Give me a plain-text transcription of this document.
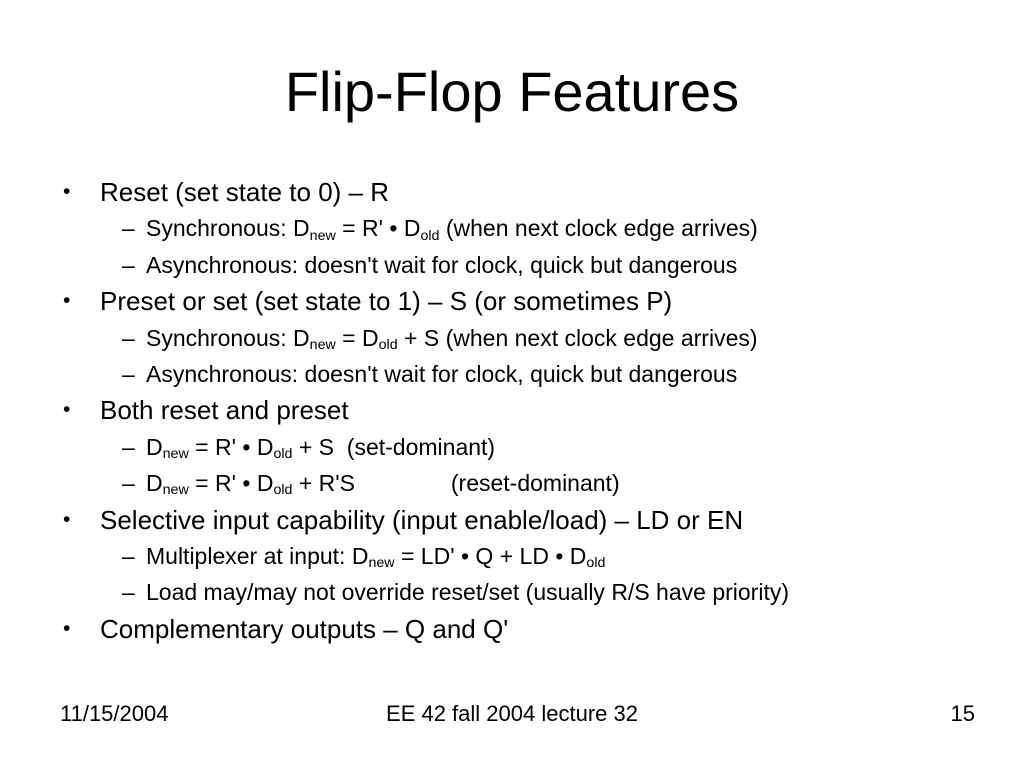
Flip-Flop Features
• Reset (set state to 0) – R
– Synchronous: $D_{new} = R'$ • $D_{old}$ (when next clock edge arrives)
– Asynchronous: doesn't wait for clock, quick but dangerous
• Preset or set (set state to 1) – S (or sometimes P)
– Synchronous: $D_{new} = D_{old} + S$ (when next clock edge arrives)
– Asynchronous: doesn't wait for clock, quick but dangerous
• Both reset and preset
– $D_{new} = R'$ • $D_{old} + S$  (set-dominant)
– $D_{new} = R'$ • $D_{old} + R'S$               (reset-dominant)
• Selective input capability (input enable/load) – LD or EN
– Multiplexer at input: $D_{new} = LD'$ • Q + LD • $D_{old}$
– Load may/may not override reset/set (usually R/S have priority)
• Complementary outputs – Q and Q'
11/15/2004	EE 42 fall 2004 lecture 32	15
